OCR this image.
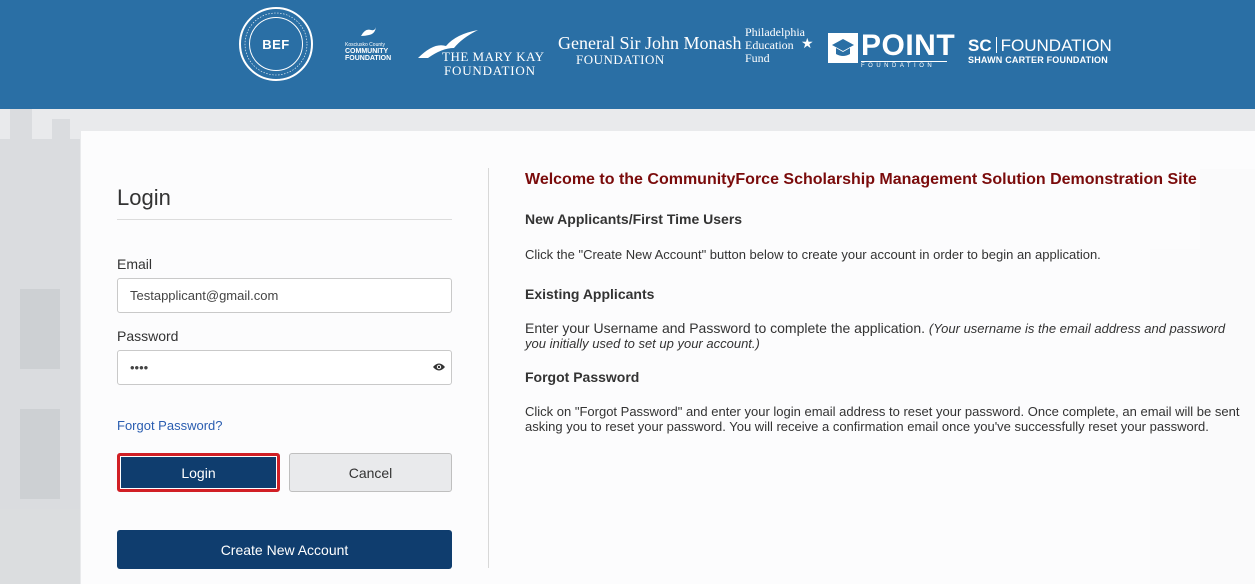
BEF	Kosciusko County
COMMUNITY
FOUNDATION	THE MARY KAY
FOUNDATION
General Sir John Monash
FOUNDATION
Philadelphia
Education
Fund
★ POINT
FOUNDATION
SC FOUNDATION
SHAWN CARTER FOUNDATION
Login
Email
Testapplicant@gmail.com
Password
••••
Forgot Password?
Login	Cancel
Create New Account
Welcome to the CommunityForce Scholarship Management Solution Demonstration Site
New Applicants/First Time Users
Click the "Create New Account" button below to create your account in order to begin an application.
Existing Applicants
Enter your Username and Password to complete the application. (Your username is the email address and password you initially used to set up your account.)
Forgot Password
Click on "Forgot Password" and enter your login email address to reset your password. Once complete, an email will be sent asking you to reset your password. You will receive a confirmation email once you've successfully reset your password.
